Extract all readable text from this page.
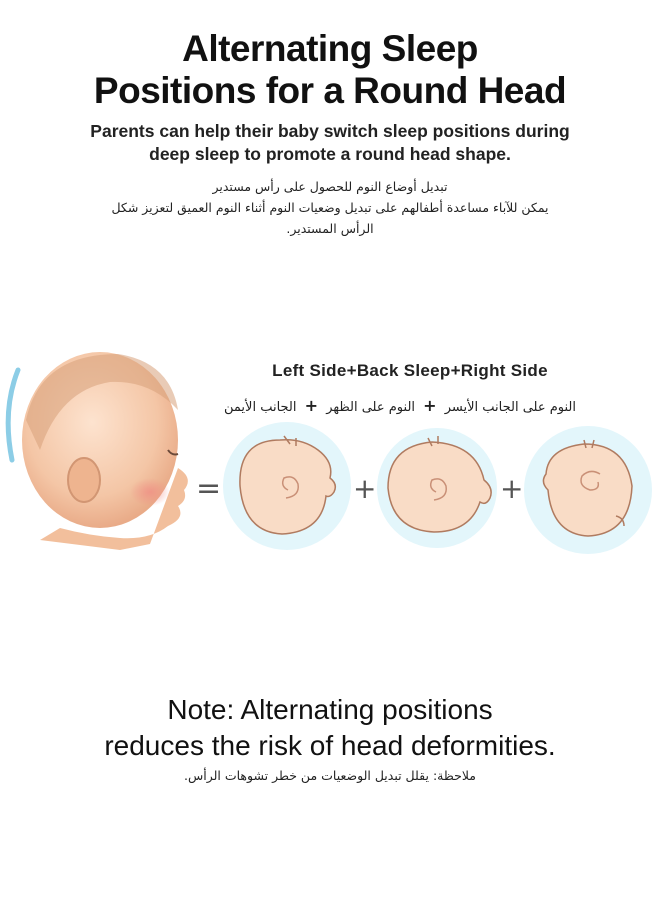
Alternating Sleep
Positions for a Round Head
Parents can help their baby switch sleep positions during
deep sleep to promote a round head shape.
تبديل أوضاع النوم للحصول على رأس مستدير
يمكن للآباء مساعدة أطفالهم على تبديل وضعيات النوم أثناء النوم العميق لتعزيز شكل
الرأس المستدير.
Left Side+Back Sleep+Right Side
النوم على الجانب الأيسر + النوم على الظهر + الجانب الأيمن
=	+	+
Note: Alternating positions
reduces the risk of head deformities.
ملاحظة: يقلل تبديل الوضعيات من خطر تشوهات الرأس.
